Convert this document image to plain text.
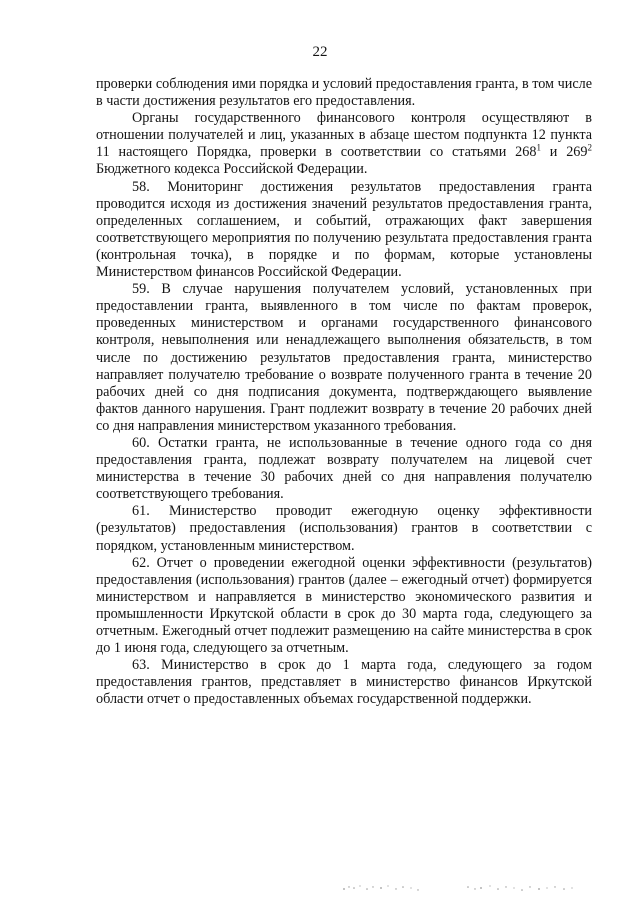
22

проверки соблюдения ими порядка и условий предоставления гранта, в том числе в части достижения результатов его предоставления.

Органы государственного финансового контроля осуществляют в отношении получателей и лиц, указанных в абзаце шестом подпункта 12 пункта 11 настоящего Порядка, проверки в соответствии со статьями $268^1$ и $269^2$ Бюджетного кодекса Российской Федерации.

58. Мониторинг достижения результатов предоставления гранта проводится исходя из достижения значений результатов предоставления гранта, определенных соглашением, и событий, отражающих факт завершения соответствующего мероприятия по получению результата предоставления гранта (контрольная точка), в порядке и по формам, которые установлены Министерством финансов Российской Федерации.

59. В случае нарушения получателем условий, установленных при предоставлении гранта, выявленного в том числе по фактам проверок, проведенных министерством и органами государственного финансового контроля, невыполнения или ненадлежащего выполнения обязательств, в том числе по достижению результатов предоставления гранта, министерство направляет получателю требование о возврате полученного гранта в течение 20 рабочих дней со дня подписания документа, подтверждающего выявление фактов данного нарушения. Грант подлежит возврату в течение 20 рабочих дней со дня направления министерством указанного требования.

60. Остатки гранта, не использованные в течение одного года со дня предоставления гранта, подлежат возврату получателем на лицевой счет министерства в течение 30 рабочих дней со дня направления получателю соответствующего требования.

61. Министерство проводит ежегодную оценку эффективности (результатов) предоставления (использования) грантов в соответствии с порядком, установленным министерством.

62. Отчет о проведении ежегодной оценки эффективности (результатов) предоставления (использования) грантов (далее – ежегодный отчет) формируется министерством и направляется в министерство экономического развития и промышленности Иркутской области в срок до 30 марта года, следующего за отчетным. Ежегодный отчет подлежит размещению на сайте министерства в срок до 1 июня года, следующего за отчетным.

63. Министерство в срок до 1 марта года, следующего за годом предоставления грантов, представляет в министерство финансов Иркутской области отчет о предоставленных объемах государственной поддержки.
